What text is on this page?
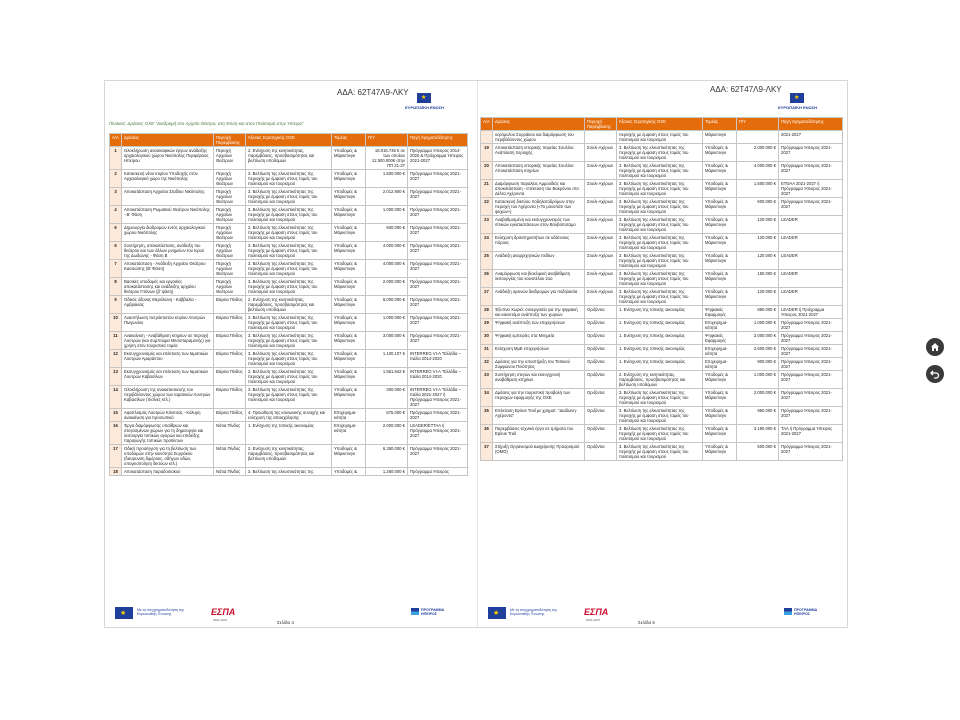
ΑΔΑ: 62Τ47Λ9-ΛΚΥ
★
ΕΥΡΩΠΑΪΚΗ ΕΝΩΣΗ
Πίνακας: Δράσεις ΟΧΕ "Διαδρομή στο Αρχαίο Θέατρο, στη Φύση και στον Πολιτισμό στην Ήπειρο"
Α/Α	Δράσεις	Περιοχή Παρέμβασης	Άξονας Στρατηγικής ΟΧΕ	Τομέας	Π/Υ	Πηγή Χρηματοδότησης
1	Ολοκλήρωση ανασκαφικών έργων ανάδειξης αρχαιολογικού χώρου Νικόπολης Περιφέρειας Ηπείρου	Περιοχή Αρχαίων Θεάτρων	2. Ενίσχυση της κινητικότητας, παρεμβάσεις, προσβασιμότητας και βελτίωση υποδομών	Υποδομές & Μάρκετινγκ	18.016.746 € σε των οποίων 12.500.000€ στην ΠΠ 21-27	Πρόγραμμα Ήπειρος 2014-2020 & Πρόγραμμα Ήπειρος 2021-2027
2	Κατασκευή νέου κτιρίου Υποδοχής στον Αρχαιολογικό χώρο της Νικόπολης	Περιοχή Αρχαίων Θεάτρων	3. Βελτίωση της ελκυστικότητας της περιοχής με έμφαση στους τομείς του πολιτισμού και τουρισμού	Υποδομές & Μάρκετινγκ	1.500.000 €	Πρόγραμμα Ήπειρος 2021-2027
3	Αποκατάσταση Αρχαίου Σταδίου Νικόπολης	Περιοχή Αρχαίων Θεάτρων	3. Βελτίωση της ελκυστικότητας της περιοχής με έμφαση στους τομείς του πολιτισμού και τουρισμού	Υποδομές & Μάρκετινγκ	2.012.900 €	Πρόγραμμα Ήπειρος 2021-2027
4	Αποκατάσταση Ρωμαϊκού Θεάτρου Νικόπολης - Β' Φάση	Περιοχή Αρχαίων Θεάτρων	3. Βελτίωση της ελκυστικότητας της περιοχής με έμφαση στους τομείς του πολιτισμού και τουρισμού	Υποδομές & Μάρκετινγκ	1.000.000 €	Πρόγραμμα Ήπειρος 2021-2027
6	Δημιουργία διαδρομών εντός αρχαιολογικού χώρου Νικόπολης	Περιοχή Αρχαίων Θεάτρων	3. Βελτίωση της ελκυστικότητας της περιοχής με έμφαση στους τομείς του πολιτισμού και τουρισμού	Υποδομές & Μάρκετινγκ	500.000 €	Πρόγραμμα Ήπειρος 2021-2027
6	Συντήρηση, αποκατάσταση, ανάδειξη του θεάτρου και των άλλων μνημείων του Ιερού της Δωδώνης - Φάση Β	Περιοχή Αρχαίων Θεάτρων	3. Βελτίωση της ελκυστικότητας της περιοχής με έμφαση στους τομείς του πολιτισμού και τουρισμού	Υποδομές & Μάρκετινγκ	4.000.000 €	Πρόγραμμα Ήπειρος 2021-2027
7	Αποκατάσταση - Ανάδειξη Αρχαίου Θεάτρου Κασσώπης (Β' Φάση)	Περιοχή Αρχαίων Θεάτρων	3. Βελτίωση της ελκυστικότητας της περιοχής με έμφαση στους τομείς του πολιτισμού και τουρισμού	Υποδομές & Μάρκετινγκ	4.000.000 €	Πρόγραμμα Ήπειρος 2021-2027
8	Βασικές υποδομές και εργασίες αποκατάστασης και ανάδειξης αρχαίου θεάτρου Γιτάνων (β' φάση)	Περιοχή Αρχαίων Θεάτρων	3. Βελτίωση της ελκυστικότητας της περιοχής με έμφαση στους τομείς του πολιτισμού και τουρισμού	Υποδομές & Μάρκετινγκ	2.000.000 €	Πρόγραμμα Ήπειρος 2021-2027
9	Οδικός άξονας Μερόλιανη - Καββαλία - Αμβρακίας	Βόρεια Πίνδος	2. Ενίσχυση της κινητικότητας, παρεμβάσεις, προσβασιμότητας και βελτίωση υποδομών	Υποδομές & Μάρκετινγκ	6.000.000 €	Πρόγραμμα Ήπειρος 2021-2027
10	Αναστήλωση πετρόκτιστου κτιρίου Λουτρών Πωγωνίου	Βόρεια Πίνδος	3. Βελτίωση της ελκυστικότητας της περιοχής με έμφαση στους τομείς του πολιτισμού και τουρισμού	Υποδομές & Μάρκετινγκ	1.000.000 €	Πρόγραμμα Ήπειρος 2021-2027
11	Ανακαίνιση - Αναβάθμιση κτηρίων σε περιοχή Λουτρών (και συμπτώμα Μεσοπαραμονής) για χρήση στον τουριστικό τομέα	Βόρεια Πίνδος	3. Βελτίωση της ελκυστικότητας της περιοχής με έμφαση στους τομείς του πολιτισμού και τουρισμού	Υποδομές & Μάρκετινγκ	3.000.000 €	Πρόγραμμα Ήπειρος 2021-2027
12	Εκσυγχρονισμός και επέκταση των Ιαματικών Λουτρών Αμαράντου	Βόρεια Πίνδος	3. Βελτίωση της ελκυστικότητας της περιοχής με έμφαση στους τομείς του πολιτισμού και τουρισμού	Υποδομές & Μάρκετινγκ	1.100.107 €	INTERREG VI-A "Ελλάδα – Ιταλία 2014-2020
13	Εκσυγχρονισμός και επέκταση των Ιαματικών Λουτρών Καβασίλων	Βόρεια Πίνδος	3. Βελτίωση της ελκυστικότητας της περιοχής με έμφαση στους τομείς του πολιτισμού και τουρισμού	Υποδομές & Μάρκετινγκ	1.561.842 €	INTERREG VI-A "Ελλάδα – Ιταλία 2014-2020
14	Ολοκλήρωση της ανακατασκευής του περιβάλλοντος χώρου των Ιαματικών Λουτρών Καβασίλων (πισίνες κτλ.)	Βόρεια Πίνδος	3. Βελτίωση της ελκυστικότητας της περιοχής με έμφαση στους τομείς του πολιτισμού και τουρισμού	Υποδομές & Μάρκετινγκ	300.000 €	INTERREG VI-A "Ελλάδα – Ιταλία 2021-2027 ή Πρόγραμμα Ήπειρος 2021-2027
15	Αφοπλισμός Λουτρών Κόνιτσας - Κόλυμη ανακαίνιση για πρoσωπικό	Βόρεια Πίνδος	4. Προώθηση της κοινωνικής συνοχής και ενίσχυση της απασχόλησης	Επιχειρημα-κότητα	675.000 €	Πρόγραμμα Ήπειρος 2021-2027
16	Έργα διαμόρφωσης υπαίθριων και στεγασμένων χώρων για τη δημιουργία και λειτουργία τοπικών αγορών και επιδείξης παραγωγής τοπικών προϊόντων	Νότια Πίνδος	1. Ενίσχυση της τοπικής οικονομίας	Επιχειρημα-κότητα	2.000.000 €	LEADER/ΕΤΤΑΑ ή Πρόγραμμα Ήπειρος 2021-2027
17	Οδική προσέγγιση για τη βελτίωση των υποδομών στην κοινότητα Συρράκου (διευρυνση διμέρους, οδήγων οδών, υπογειοποίηση δικτύων κτλ.)	Νότια Πίνδος	2. Ενίσχυση της κινητικότητας, παρεμβάσεις, προσβασιμότητας και βελτίωση υποδομών	Υποδομές & Μάρκετινγκ	6.350.000 €	Πρόγραμμα Ήπειρος 2021-2027
18	Αποκατάσταση παραδοσιακού	Νότια Πίνδος	3. Βελτίωση της ελκυστικότητας της	Υποδομές &	1.260.000 €	Πρόγραμμα Ήπειρος
★
Με τη συγχρηματοδότηση της Ευρωπαϊκής Ένωσης	ΕΣΠΑ
2021-2027
ΠΡΟΓΡΑΜΜΑ ΗΠΕΙΡΟΣ
Σελίδα 4
ΑΔΑ: 62Τ47Λ9-ΛΚΥ
★
ΕΥΡΩΠΑΪΚΗ ΕΝΩΣΗ
Α/Α	Δράσεις	Περιοχή Παρέμβασης	Άξονας Στρατηγικής ΟΧΕ	Τομέας	Π/Υ	Πηγή Χρηματοδότησης
	νερόμυλου Συρράκου και διαμόρφωση του περιβάλλοντος χώρου		περιοχής με έμφαση στους τομείς του πολιτισμού και τουρισμού	Μάρκετινγκ		2021-2027
19	Αποκατάσταση ιστορικής πορείας Σουλίου: Ανάπλαση περιοχής	Σουλι-Αχέρων	3. Βελτίωση της ελκυστικότητας της περιοχής με έμφαση στους τομείς του πολιτισμού και τουρισμού	Υποδομές & Μάρκετινγκ	2.000.000 €	Πρόγραμμα Ήπειρος 2021-2027
20	Αποκατάσταση ιστορικής πορείας Σουλίου: Αποκατάσταση κτηρίων	Σουλι-Αχέρων	3. Βελτίωση της ελκυστικότητας της περιοχής με έμφαση στους τομείς του πολιτισμού και τουρισμού	Υποδομές & Μάρκετινγκ	4.000.000 €	Πρόγραμμα Ήπειρος 2021-2027
21	Διαμόρφωση παραλίας Αμμουδιάς και αποκατάσταση - επέκταση του Βακρόνου στο Δέλτα Αχέροντα	Σουλι-Αχέρων	3. Βελτίωση της ελκυστικότητας της περιοχής με έμφαση στους τομείς του πολιτισμού και τουρισμού	Υποδομές & Μάρκετινγκ	1.500.000 €	ΕΤΘΑΑ 2021-2027 ή Πρόγραμμα Ήπειρος 2021-2027
22	Κατασκευή δικτύου ποδηλατοδρόμων στην περιοχή του Αχέροντα («Το μονοπάτι των ψυχών»)	Σουλι-Αχέρων	3. Βελτίωση της ελκυστικότητας της περιοχής με έμφαση στους τομείς του πολιτισμού και τουρισμού	Υποδομές & Μάρκετινγκ	600.000 €	Πρόγραμμα Ήπειρος 2021-2027
23	Αναβαθμισμένη και εκσυγχρονισμός των ιπτικών εγκαταστάσεων στον Βουβοποταμο	Σουλι-Αχέρων	3. Βελτίωση της ελκυστικότητας της περιοχής με έμφαση στους τομείς του πολιτισμού και τουρισμού	Υποδομές & Μάρκετινγκ	120.000 €	LEADER
24	Ενίσχυση δραστηριοτήτων σε υδάτινους πόρους	Σουλι-Αχέρων	3. Βελτίωση της ελκυστικότητας της περιοχής με έμφαση στους τομείς του πολιτισμού και τουρισμού	Υποδομές & Μάρκετινγκ	120.000 €	LEADER
25	Ανάδειξη αναρριχητικών πεδίων	Σουλι-Αχέρων	3. Βελτίωση της ελκυστικότητας της περιοχής με έμφαση στους τομείς του πολιτισμού και τουρισμού	Υποδομές & Μάρκετινγκ	120.000 €	LEADER
26	Αναμόρφωση και βιοκλιμική αναβάθμιση λειτουργίας του κοινοτέλου 21ο	Σουλι-Αχέρων	3. Βελτίωση της ελκυστικότητας της περιοχής με έμφαση στους τομείς του πολιτισμού και τουρισμού	Υποδομές & Μάρκετινγκ	150.000 €	LEADER
27	Ανάδειξη ορεινών διαδρομών για ποδηλασία	Σουλι-Αχέρων	3. Βελτίωση της ελκυστικότητας της περιοχής με έμφαση στους τομείς του πολιτισμού και τουρισμού	Υποδομές & Μάρκετινγκ	120.000 €	LEADER
28	Έξυπνα Χωριά: συνεργασία για την ψηφιακή και καινοτόμο ανάπτυξη των χωριών	Οριζόντια	1. Ενίσχυση της τοπικής οικονομίας	Ψηφιακός Εφαρμογές	880.000 €	LEADER ή Πρόγραμμα Ήπειρος 2021-2027
29	Ψηφιακή ανάπτυξη των επιχειρήσεων	Οριζόντια	1. Ενίσχυση της τοπικής οικονομίας	Επιχειρημα-κότητα	1.000.000 €	Πρόγραμμα Ήπειρος 2021-2027
30	Ψηφιακή εμπειρίες στα Μνημεία	Οριζόντια	1. Ενίσχυση της τοπικής οικονομίας	Ψηφιακός Εφαρμογές	2.000.000 €	Πρόγραμμα Ήπειρος 2021-2027
31	Ενίσχυση ΜμΕ επιχειρήσεων	Οριζόντια	1. Ενίσχυση της τοπικής οικονομίας	Επιχειρημα-κότητα	2.600.000 €	Πρόγραμμα Ήπειρος 2021-2027
32	Δράσεις για την υποστήριξη του Τοπικού Συμφώνου Ποιότητας	Οριζόντια	1. Ενίσχυση της τοπικής οικονομίας	Επιχειρημα-κότητα	900.000 €	Πρόγραμμα Ήπειρος 2021-2027
33	Συντήρηση στεγών και εκσυγχρονή αναβάθμιση κτηρίων	Οριζόντια	2. Ενίσχυση της κινητικότητας, παρεμβάσεις, προσβασιμότητας και βελτίωση υποδομών	Υποδομές & Μάρκετινγκ	1.000.000 €	Πρόγραμμα Ήπειρος 2021-2027
34	Δράσεις για την τουριστική προβολή των περιοχών εφαρμογής της ΟΧΕ	Οριζόντια	3. Βελτίωση της ελκυστικότητας της περιοχής με έμφαση στους τομείς του πολιτισμού και τουρισμού	Υποδομές & Μάρκετινγκ	2.000.000 €	Πρόγραμμα Ήπειρος 2021-2027
35	Επέκταση Epirus Trail με χρηματ. "Διαδωνη-Αχέροντα"	Οριζόντια	3. Βελτίωση της ελκυστικότητας της περιοχής με έμφαση στους τομείς του πολιτισμού και τουρισμού	Υποδομές & Μάρκετινγκ	950.000 €	Πρόγραμμα Ήπειρος 2021-2027
36	Παρεμβάσεις-τεχνικά έργα σε τμήματα του Epirus Trail	Οριζόντια	3. Βελτίωση της ελκυστικότητας της περιοχής με έμφαση στους τομείς του πολιτισμού και τουρισμού	Υποδομές & Μάρκετινγκ	3.190.000 €	ΤΑΑ ή Πρόγραμμα Ήπειρος 2021-2027
37	Στήριξη Οργανισμού Διαχείρισης Προορισμού (ΟΜΟ)	Οριζόντια	3. Βελτίωση της ελκυστικότητας της περιοχής με έμφαση στους τομείς του πολιτισμού και τουρισμού	Υποδομές & Μάρκετινγκ	500.000 €	Πρόγραμμα Ήπειρος 2021-2027
★
Με τη συγχρηματοδότηση της Ευρωπαϊκής Ένωσης	ΕΣΠΑ
2021-2027
ΠΡΟΓΡΑΜΜΑ ΗΠΕΙΡΟΣ
Σελίδα 5
